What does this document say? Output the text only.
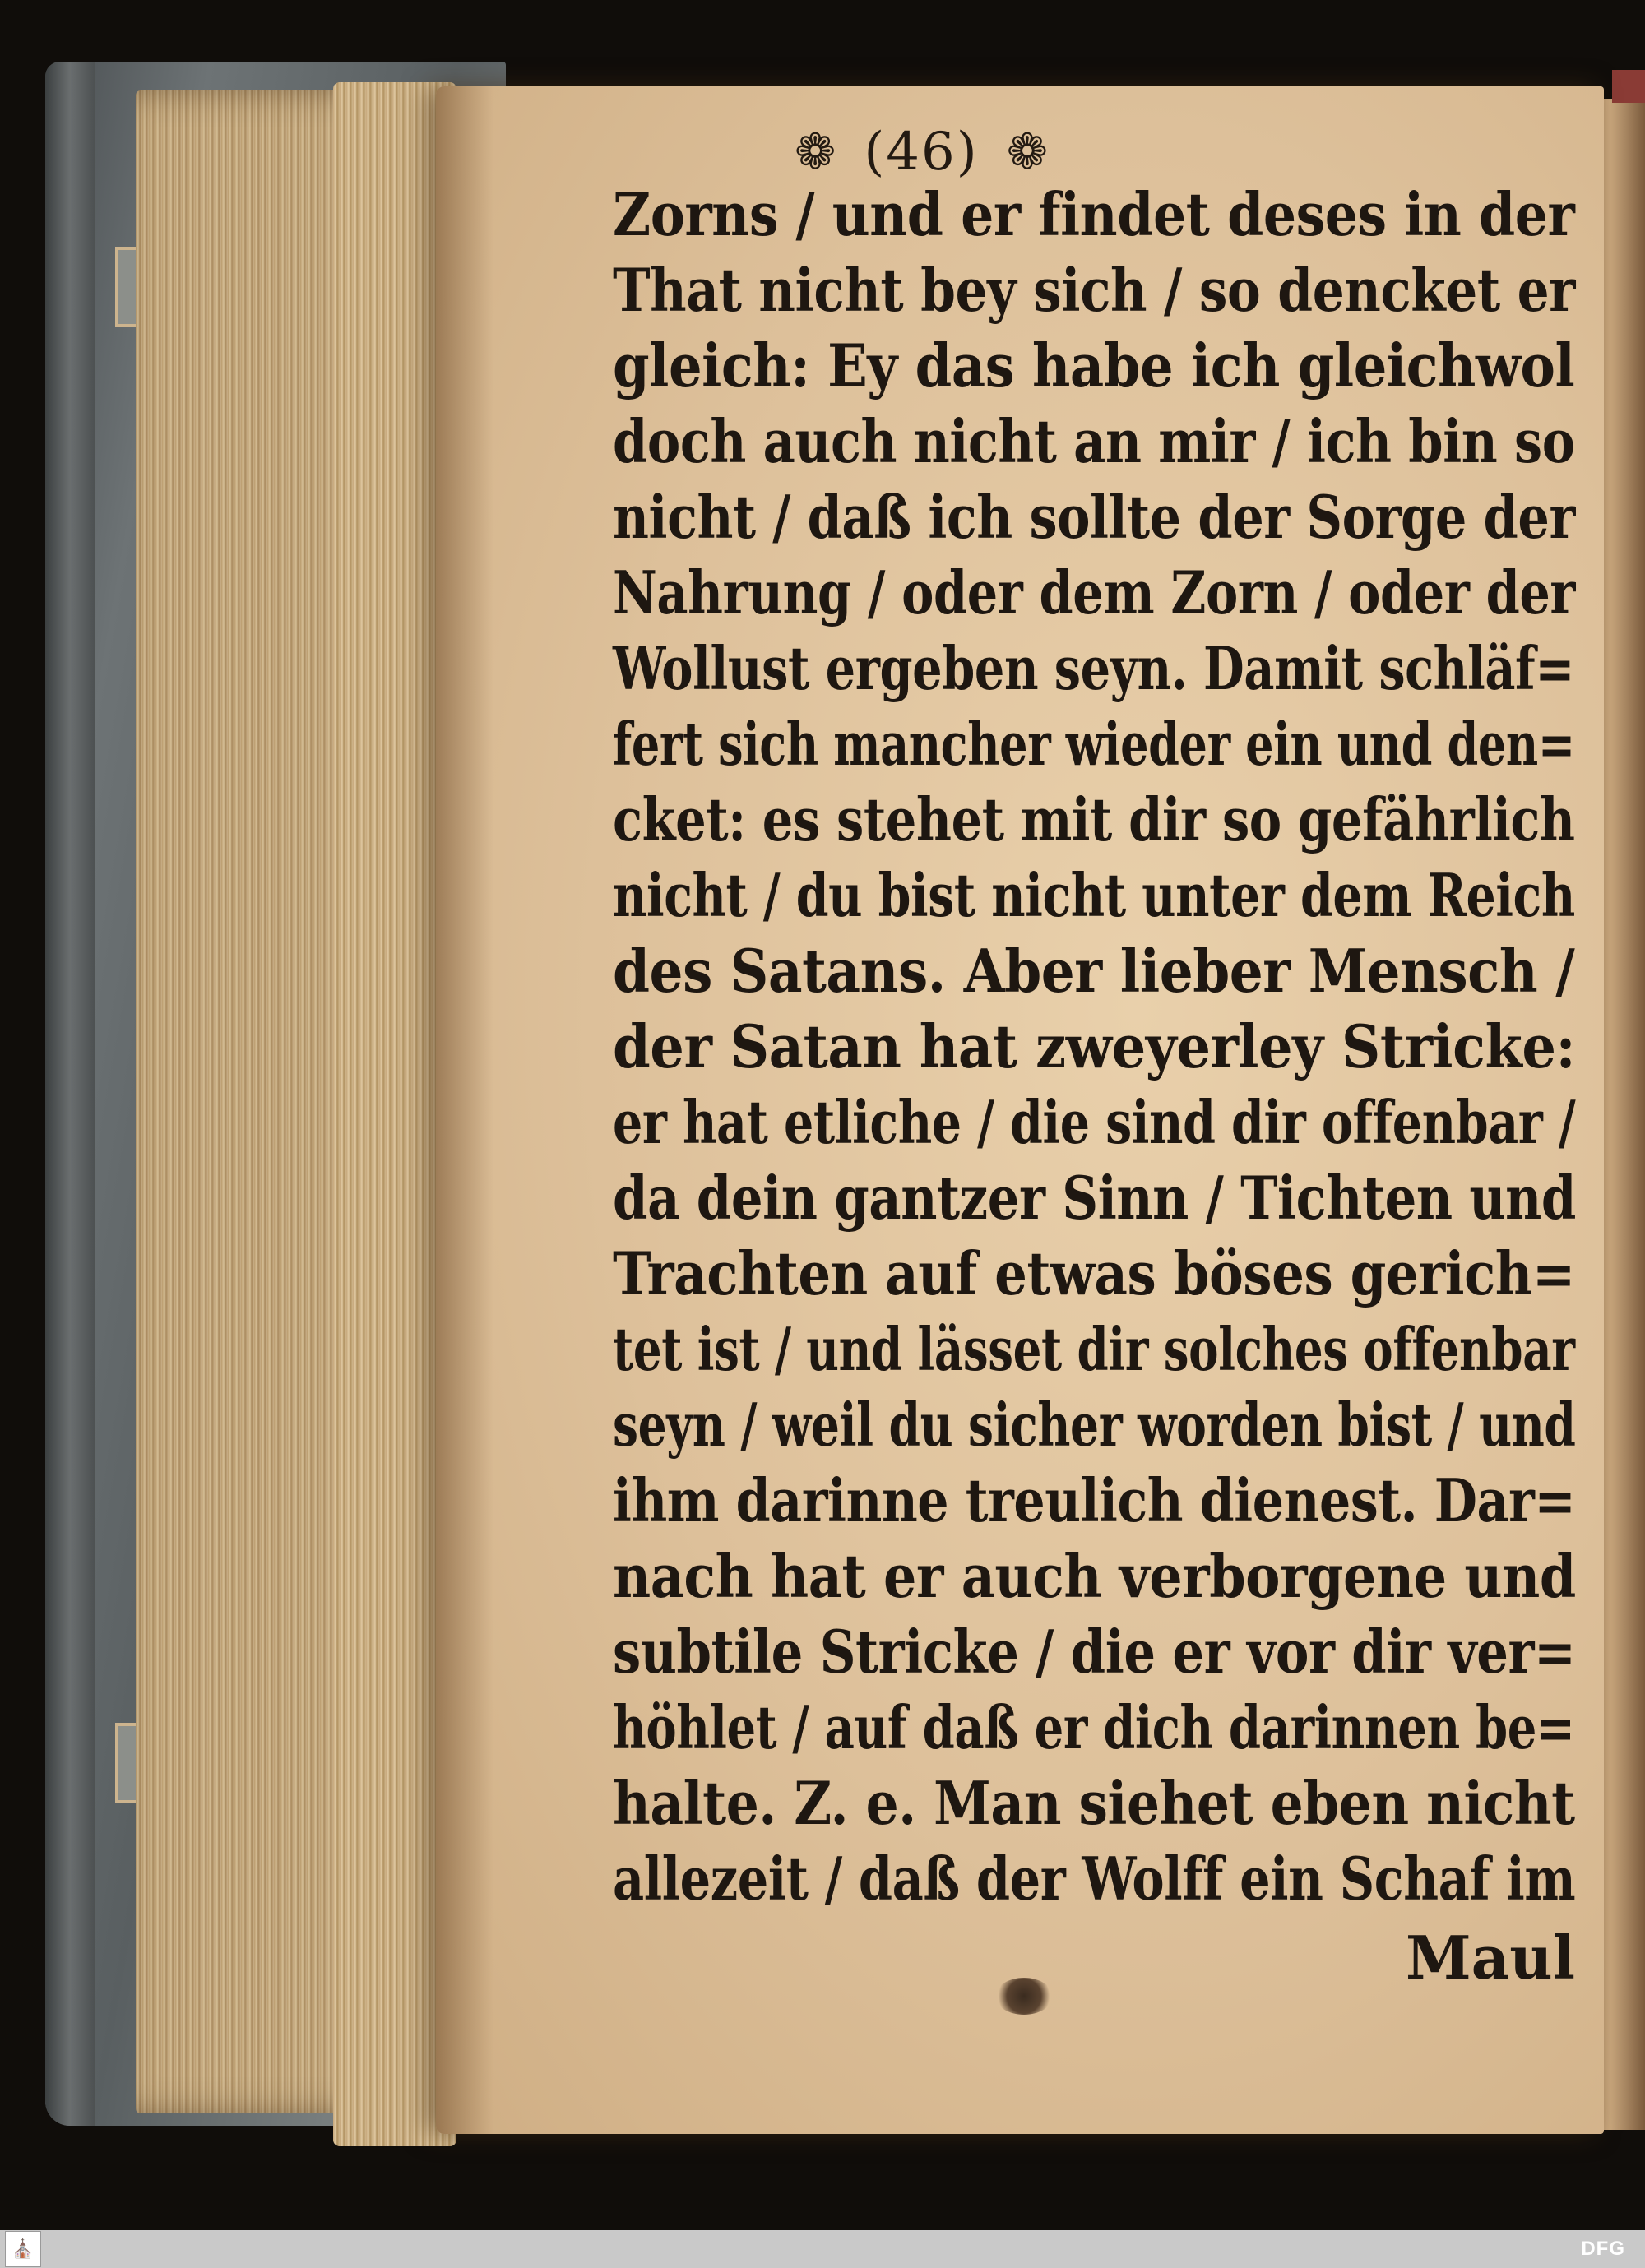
❁ (46) ❁
Zorns / und er findet deses in der
That nicht bey sich / so dencket er
gleich: Ey das habe ich gleichwol
doch auch nicht an mir / ich bin so
nicht / daß ich sollte der Sorge der
Nahrung / oder dem Zorn / oder der
Wollust ergeben seyn. Damit schläf=
fert sich mancher wieder ein und den=
cket: es stehet mit dir so gefährlich
nicht / du bist nicht unter dem Reich
des Satans. Aber lieber Mensch /
der Satan hat zweyerley Stricke:
er hat etliche / die sind dir offenbar /
da dein gantzer Sinn / Tichten und
Trachten auf etwas böses gerich=
tet ist / und lässet dir solches offenbar
seyn / weil du sicher worden bist / und
ihm darinne treulich dienest. Dar=
nach hat er auch verborgene und
subtile Stricke / die er vor dir ver=
höhlet / auf daß er dich darinnen be=
halte. Z. e. Man siehet eben nicht
allezeit / daß der Wolff ein Schaf im
Maul
⛪	DFG
